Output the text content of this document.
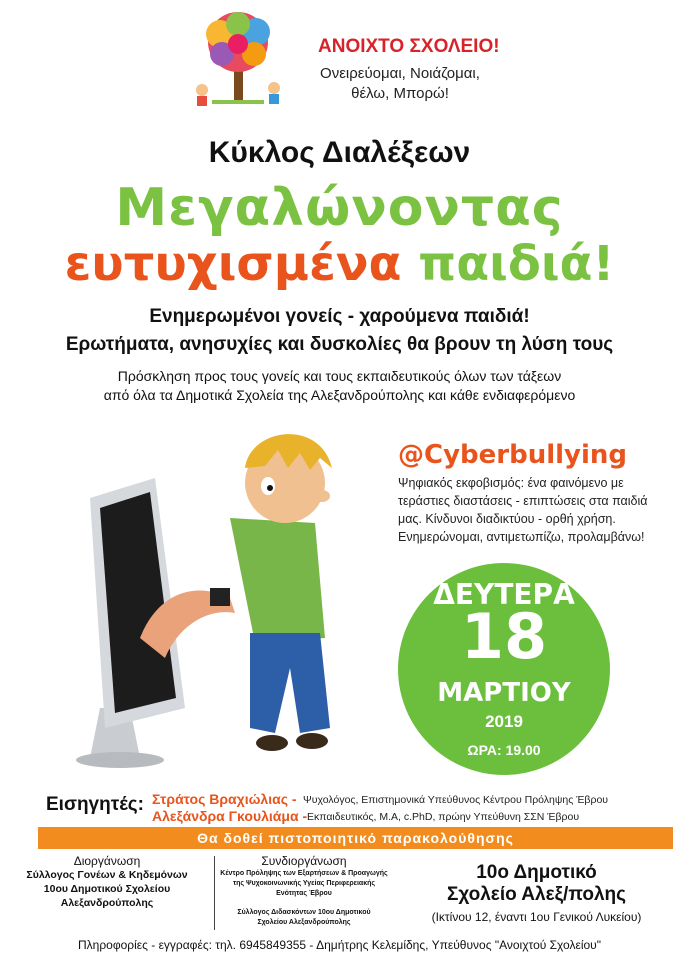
ΑΝΟΙΧΤΟ ΣΧΟΛΕΙΟ!
Ονειρεύομαι, Νοιάζομαι,
θέλω, Μπορώ!
Κύκλος Διαλέξεων
Μεγαλώνοντας
ευτυχισμένα παιδιά!
Ενημερωμένοι γονείς - χαρούμενα παιδιά!
Ερωτήματα, ανησυχίες και δυσκολίες θα βρουν τη λύση τους
Πρόσκληση προς τους γονείς και τους εκπαιδευτικούς όλων των τάξεων
από όλα τα Δημοτικά Σχολεία της Αλεξανδρούπολης και κάθε ενδιαφερόμενο
@Cyberbullying
Ψηφιακός εκφοβισμός: ένα φαινόμενο με
τεράστιες διαστάσεις - επιπτώσεις στα παιδιά
μας. Κίνδυνοι διαδικτύου - ορθή χρήση.
Ενημερώνομαι, αντιμετωπίζω, προλαμβάνω!
ΔΕΥΤΕΡΑ
18
ΜΑΡΤΙΟΥ
2019
ΩΡΑ: 19.00
Εισηγητές: Στράτος Βραχιώλιας - Ψυχολόγος, Επιστημονικά Υπεύθυνος Κέντρου Πρόληψης Έβρου
Αλεξάνδρα Γκουλιάμα - Εκπαιδευτικός, Μ.Α, c.PhD, πρώην Υπεύθυνη ΣΣΝ Έβρου
Θα δοθεί πιστοποιητικό παρακολούθησης
Διοργάνωση
Σύλλογος Γονέων & Κηδεμόνων
10ου Δημοτικού Σχολείου
Αλεξανδρούπολης
Συνδιοργάνωση
Κέντρο Πρόληψης των Εξαρτήσεων & Προαγωγής
της Ψυχοκοινωνικής Υγείας Περιφερειακής
Ενότητας Έβρου
Σύλλογος Διδασκόντων 10ου Δημοτικού
Σχολείου Αλεξανδρούπολης
10ο Δημοτικό
Σχολείο Αλεξ/πολης
(Ικτίνου 12, έναντι 1ου Γενικού Λυκείου)
Πληροφορίες - εγγραφές: τηλ. 6945849355 - Δημήτρης Κελεμίδης, Υπεύθυνος "Ανοιχτού Σχολείου"
